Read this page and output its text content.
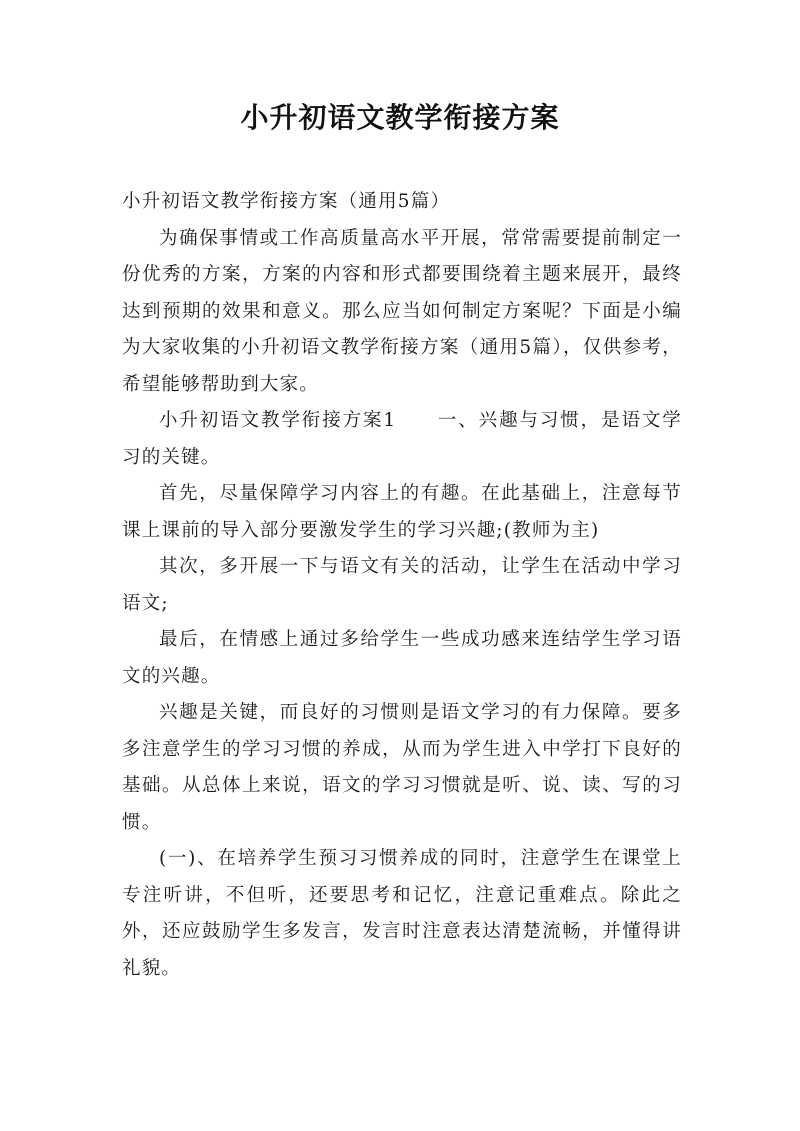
小升初语文教学衔接方案

小升初语文教学衔接方案（通用5篇）

为确保事情或工作高质量高水平开展，常常需要提前制定一份优秀的方案，方案的内容和形式都要围绕着主题来展开，最终达到预期的效果和意义。那么应当如何制定方案呢？下面是小编为大家收集的小升初语文教学衔接方案（通用5篇），仅供参考，希望能够帮助到大家。

小升初语文教学衔接方案1　　一、兴趣与习惯，是语文学习的关键。

首先，尽量保障学习内容上的有趣。在此基础上，注意每节课上课前的导入部分要激发学生的学习兴趣;(教师为主)

其次，多开展一下与语文有关的活动，让学生在活动中学习语文;

最后，在情感上通过多给学生一些成功感来连结学生学习语文的兴趣。

兴趣是关键，而良好的习惯则是语文学习的有力保障。要多多注意学生的学习习惯的养成，从而为学生进入中学打下良好的基础。从总体上来说，语文的学习习惯就是听、说、读、写的习惯。

(一)、在培养学生预习习惯养成的同时，注意学生在课堂上专注听讲，不但听，还要思考和记忆，注意记重难点。除此之外，还应鼓励学生多发言，发言时注意表达清楚流畅，并懂得讲礼貌。
